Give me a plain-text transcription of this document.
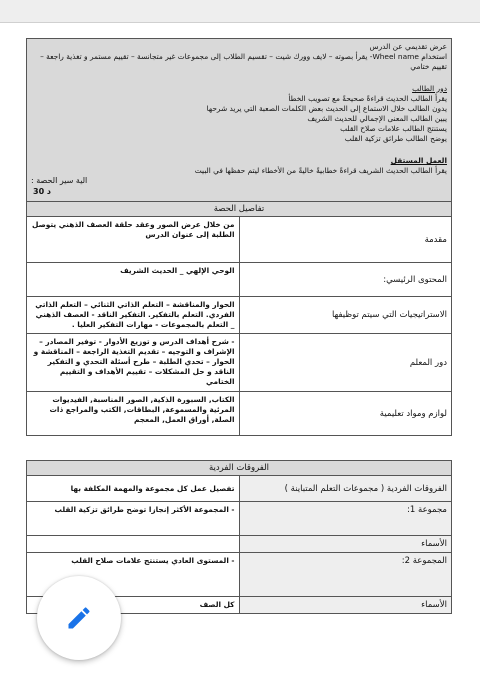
عرض تقديمي عن الدرس
استخدام Wheel name- يقرأ بصوته – لايف وورك شيت – تقسيم الطلاب إلى مجموعات غير متجانسة – تقييم مستمر و تغذية راجعة – تقييم ختامي
دور الطالب
يقرأ الطالب الحديث قراءةً صحيحةً مع تصويب الخطأ
يدون الطالب خلال الاستماع إلى الحديث بعض الكلمات الصعبة التي يريد شرحها
يبين الطالب المعنى الإجمالي للحديث الشريف
يستنتج الطالب علامات صلاح القلب
يوضح الطالب طرائق تزكية القلب
العمل المستقل
يقرأ الطالب الحديث الشريف قراءةً خطابيةً خاليةً من الأخطاء ليتم حفظها في البيت
الية سير الحصة :
30 د
تفاصيل الحصة	
مقدمة	من خلال عرض الصور وعقد حلقة العصف الذهني يتوصل الطلبة إلى عنوان الدرس
المحتوى الرئيسي:	الوحي الإلهي _ الحديث الشريف
الاستراتيجيات التي سيتم توظيفها	الحوار والمناقشة – التعلم الذاتي الثنائي – التعلم الذاتي الفردي. التعلم بالتفكير. التفكير الناقد - العصف الذهني _ التعلم بالمجموعات - مهارات التفكير العليا .
دور المعلم	- شرح أهداف الدرس و توزيع الأدوار - توفير المصادر – الإشراف و التوجيه – تقديم التغذية الراجعة – المناقشة و الحوار – تحدي الطلبة – طرح أسئلة التحدي و التفكير الناقد و حل المشكلات – تقييم الأهداف و التقييم الختامي
لوازم ومواد تعليمية	الكتاب, السبورة الذكية, الصور المناسبة, الفيديوات المرئية والمسموعة, البطاقات, الكتب والمراجع ذات الصلة, أوراق العمل, المعجم
الفروقات الفردية	
الفروقات الفردية ( مجموعات التعلم المتباينة )	تفصيل عمل كل مجموعة والمهمة المكلفة بها
مجموعة 1:	- المجموعة الأكثر إنجازا توضح طرائق تزكية القلب
الأسماء	
المجموعة 2:	- المستوى العادي يستنتج علامات صلاح القلب
الأسماء	كل الصف
